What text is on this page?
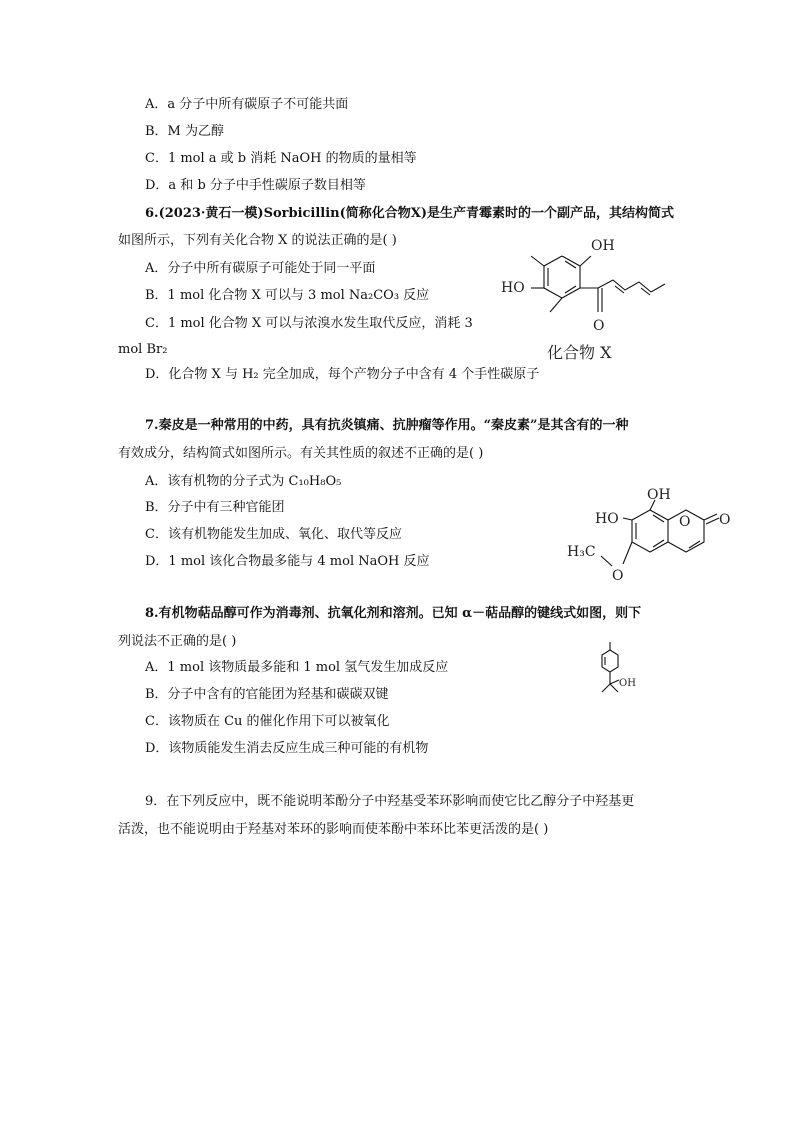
A．a 分子中所有碳原子不可能共面
B．M 为乙醇
C．1 mol a 或 b 消耗 NaOH 的物质的量相等
D．a 和 b 分子中手性碳原子数目相等
6.(2023·黄石一模)Sorbicillin(简称化合物X)是生产青霉素时的一个副产品，其结构简式
如图所示，下列有关化合物 X 的说法正确的是( )
A．分子中所有碳原子可能处于同一平面
B．1 mol 化合物 X 可以与 3 mol Na₂CO₃ 反应
C．1 mol 化合物 X 可以与浓溴水发生取代反应，消耗 3
mol Br₂
D．化合物 X 与 H₂ 完全加成，每个产物分子中含有 4 个手性碳原子
OH
HO
O
化合物 X
7.秦皮是一种常用的中药，具有抗炎镇痛、抗肿瘤等作用。“秦皮素”是其含有的一种
有效成分，结构简式如图所示。有关其性质的叙述不正确的是( )
A．该有机物的分子式为 C₁₀H₈O₅
B．分子中有三种官能团
C．该有机物能发生加成、氧化、取代等反应
D．1 mol 该化合物最多能与 4 mol NaOH 反应
O
O
OH
HO
O
H₃C
8.有机物萜品醇可作为消毒剂、抗氧化剂和溶剂。已知 α－萜品醇的键线式如图，则下
列说法不正确的是( )
A．1 mol 该物质最多能和 1 mol 氢气发生加成反应
B．分子中含有的官能团为羟基和碳碳双键
C．该物质在 Cu 的催化作用下可以被氧化
D．该物质能发生消去反应生成三种可能的有机物
OH
9．在下列反应中，既不能说明苯酚分子中羟基受苯环影响而使它比乙醇分子中羟基更
活泼，也不能说明由于羟基对苯环的影响而使苯酚中苯环比苯更活泼的是( )
